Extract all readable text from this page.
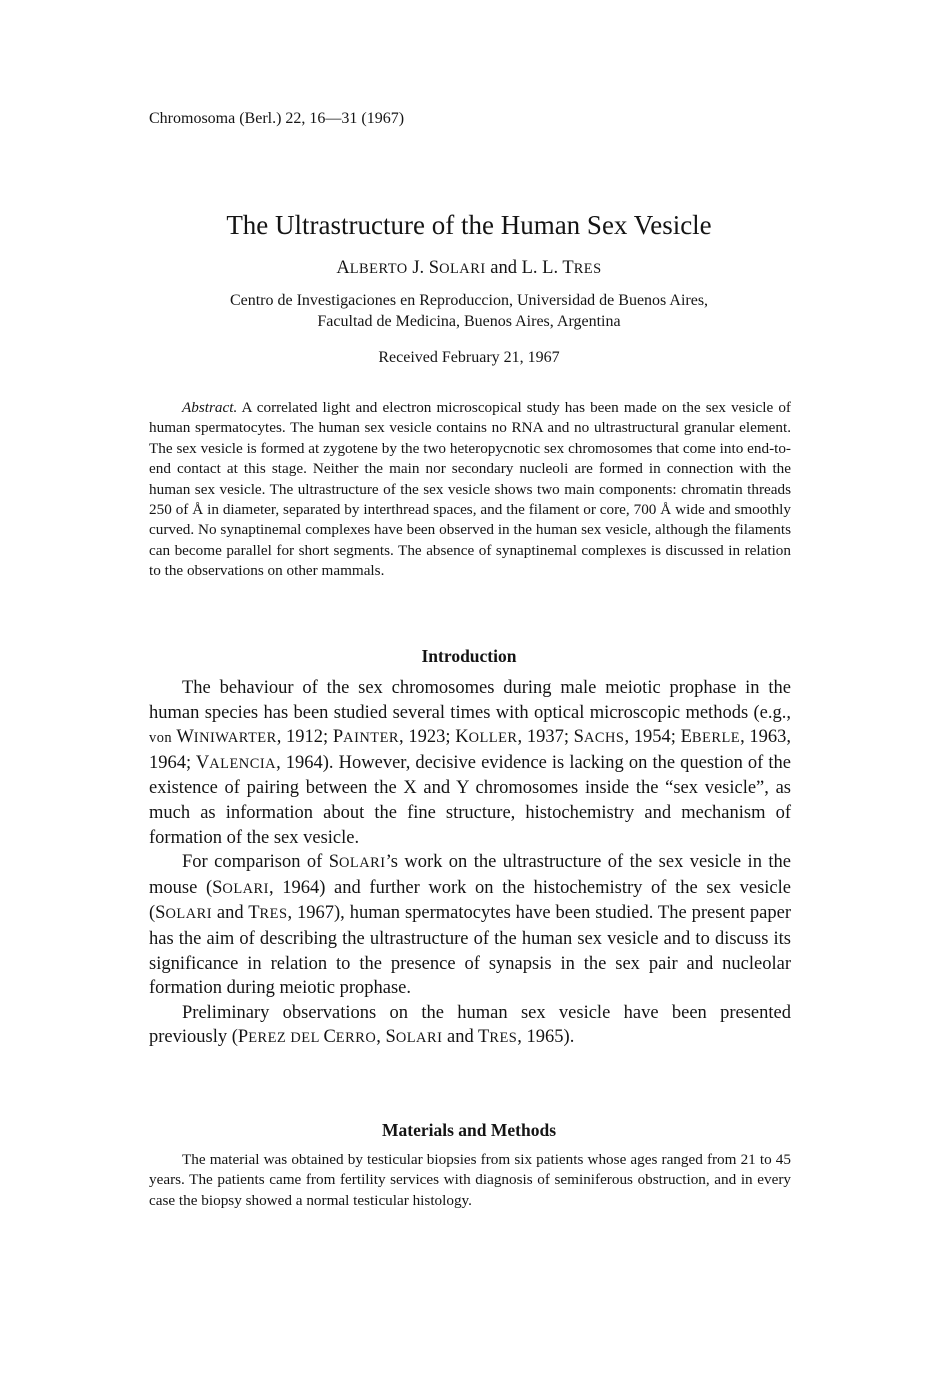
Chromosoma (Berl.) 22, 16—31 (1967)
The Ultrastructure of the Human Sex Vesicle
ALBERTO J. SOLARI and L. L. TRES
Centro de Investigaciones en Reproduccion, Universidad de Buenos Aires,
Facultad de Medicina, Buenos Aires, Argentina
Received February 21, 1967

Abstract. A correlated light and electron microscopical study has been made on the sex vesicle of human spermatocytes. The human sex vesicle contains no RNA and no ultrastructural granular element. The sex vesicle is formed at zygotene by the two heteropycnotic sex chromosomes that come into end-to-end contact at this stage. Neither the main nor secondary nucleoli are formed in connection with the human sex vesicle. The ultrastructure of the sex vesicle shows two main components: chromatin threads 250 of Å in diameter, separated by interthread spaces, and the filament or core, 700 Å wide and smoothly curved. No synaptinemal complexes have been observed in the human sex vesicle, although the filaments can become parallel for short segments. The absence of synaptinemal complexes is discussed in relation to the observations on other mammals.

Introduction

The behaviour of the sex chromosomes during male meiotic prophase in the human species has been studied several times with optical microscopic methods (e.g., von WINIWARTER, 1912; PAINTER, 1923; KOLLER, 1937; SACHS, 1954; EBERLE, 1963, 1964; VALENCIA, 1964). However, decisive evidence is lacking on the question of the existence of pairing between the X and Y chromosomes inside the “sex vesicle”, as much as information about the fine structure, histochemistry and mechanism of formation of the sex vesicle.

For comparison of SOLARI’s work on the ultrastructure of the sex vesicle in the mouse (SOLARI, 1964) and further work on the histochemistry of the sex vesicle (SOLARI and TRES, 1967), human spermatocytes have been studied. The present paper has the aim of describing the ultrastructure of the human sex vesicle and to discuss its significance in relation to the presence of synapsis in the sex pair and nucleolar formation during meiotic prophase.

Preliminary observations on the human sex vesicle have been presented previously (PEREZ DEL CERRO, SOLARI and TRES, 1965).

Materials and Methods

The material was obtained by testicular biopsies from six patients whose ages ranged from 21 to 45 years. The patients came from fertility services with diagnosis of seminiferous obstruction, and in every case the biopsy showed a normal testicular histology.
